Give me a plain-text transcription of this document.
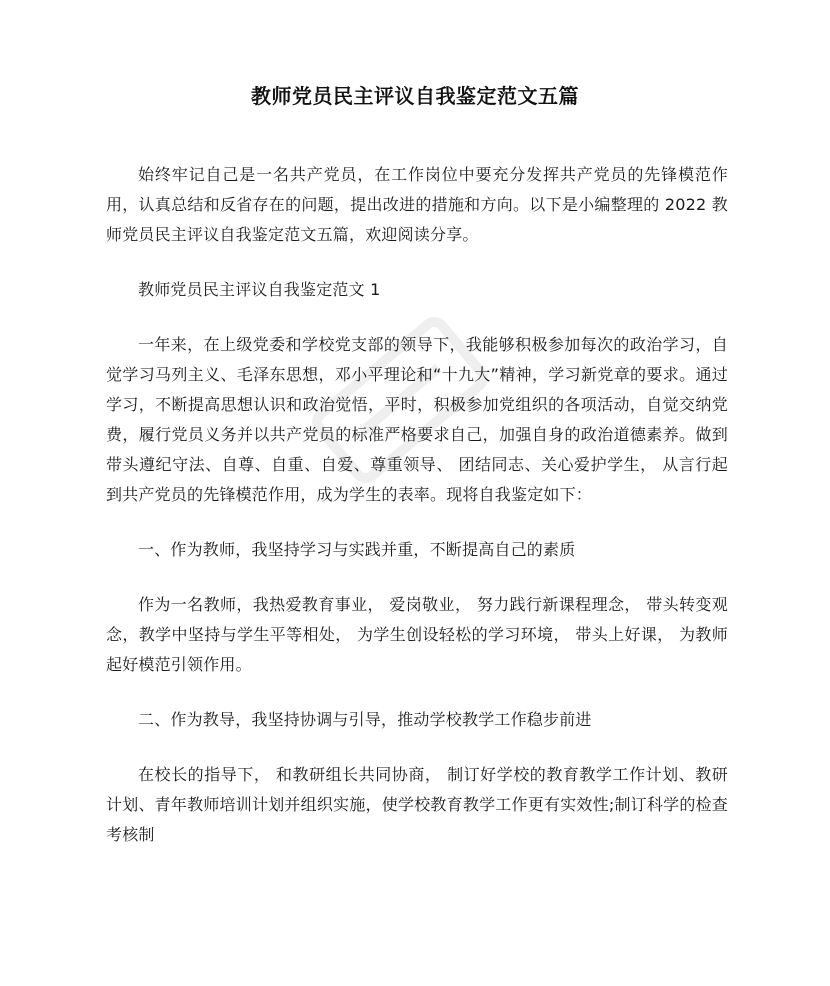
教师党员民主评议自我鉴定范文五篇

始终牢记自己是一名共产党员，在工作岗位中要充分发挥共产党员的先锋模范作用，认真总结和反省存在的问题，提出改进的措施和方向。以下是小编整理的 2022 教师党员民主评议自我鉴定范文五篇，欢迎阅读分享。

教师党员民主评议自我鉴定范文 1

一年来，在上级党委和学校党支部的领导下，我能够积极参加每次的政治学习，自觉学习马列主义、毛泽东思想，邓小平理论和“十九大”精神，学习新党章的要求。通过学习，不断提高思想认识和政治觉悟，平时，积极参加党组织的各项活动，自觉交纳党费，履行党员义务并以共产党员的标准严格要求自己，加强自身的政治道德素养。做到带头遵纪守法、自尊、自重、自爱、尊重领导、 团结同志、关心爱护学生， 从言行起到共产党员的先锋模范作用，成为学生的表率。现将自我鉴定如下：

一、作为教师，我坚持学习与实践并重，不断提高自己的素质

作为一名教师，我热爱教育事业， 爱岗敬业， 努力践行新课程理念， 带头转变观念，教学中坚持与学生平等相处， 为学生创设轻松的学习环境， 带头上好课， 为教师起好模范引领作用。

二、作为教导，我坚持协调与引导，推动学校教学工作稳步前进

在校长的指导下， 和教研组长共同协商， 制订好学校的教育教学工作计划、教研计划、青年教师培训计划并组织实施，使学校教育教学工作更有实效性;制订科学的检查考核制
